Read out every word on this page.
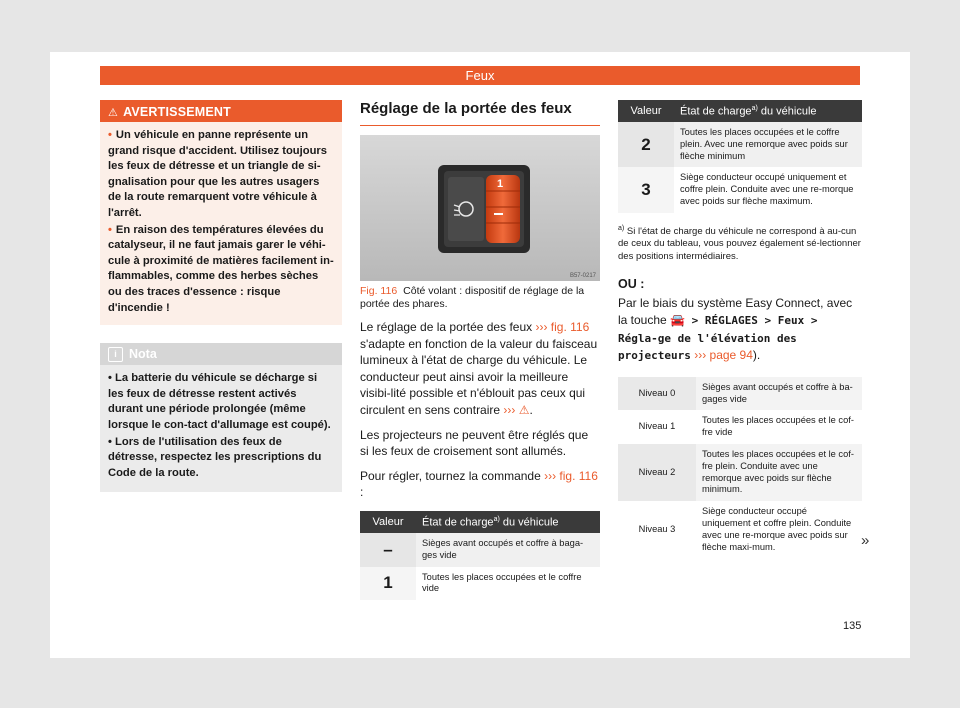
Feux
⚠ AVERTISSEMENT
• Un véhicule en panne représente un grand risque d'accident. Utilisez toujours les feux de détresse et un triangle de si-gnalisation pour que les autres usagers de la route remarquent votre véhicule à l'arrêt.
• En raison des températures élevées du catalyseur, il ne faut jamais garer le véhi-cule à proximité de matières facilement in-flammables, comme des herbes sèches ou des traces d'essence : risque d'incendie !
i Nota
• La batterie du véhicule se décharge si les feux de détresse restent activés durant une période prolongée (même lorsque le con-tact d'allumage est coupé).
• Lors de l'utilisation des feux de détresse, respectez les prescriptions du Code de la route.
Réglage de la portée des feux
1
B57-0217
Fig. 116 Côté volant : dispositif de réglage de la portée des phares.
Le réglage de la portée des feux ››› fig. 116 s'adapte en fonction de la valeur du faisceau lumineux à l'état de charge du véhicule. Le conducteur peut ainsi avoir la meilleure visibi-lité possible et n'éblouit pas ceux qui circulent en sens contraire ››› ⚠.
Les projecteurs ne peuvent être réglés que si les feux de croisement sont allumés.
Pour régler, tournez la commande ››› fig. 116 :
Valeur	État de charge$^{a)}$ du véhicule
–	Sièges avant occupés et coffre à baga-ges vide
1	Toutes les places occupées et le coffre vide
Valeur	État de charge$^{a)}$ du véhicule
2	Toutes les places occupées et le coffre plein. Avec une remorque avec poids sur flèche minimum
3	Siège conducteur occupé uniquement et coffre plein. Conduite avec une re-morque avec poids sur flèche maximum.
$^{a)}$ Si l'état de charge du véhicule ne correspond à au-cun de ceux du tableau, vous pouvez également sé-lectionner des positions intermédiaires.
OU :
Par le biais du système Easy Connect, avec la touche 🚘 > RÉGLAGES > Feux > Régla-ge de l'élévation des projecteurs ››› page 94).
Niveau 0	Sièges avant occupés et coffre à ba-gages vide
Niveau 1	Toutes les places occupées et le cof-fre vide
Niveau 2	Toutes les places occupées et le cof-fre plein. Conduite avec une remorque avec poids sur flèche minimum.
Niveau 3	Siège conducteur occupé uniquement et coffre plein. Conduite avec une re-morque avec poids sur flèche maxi-mum.	»
135
